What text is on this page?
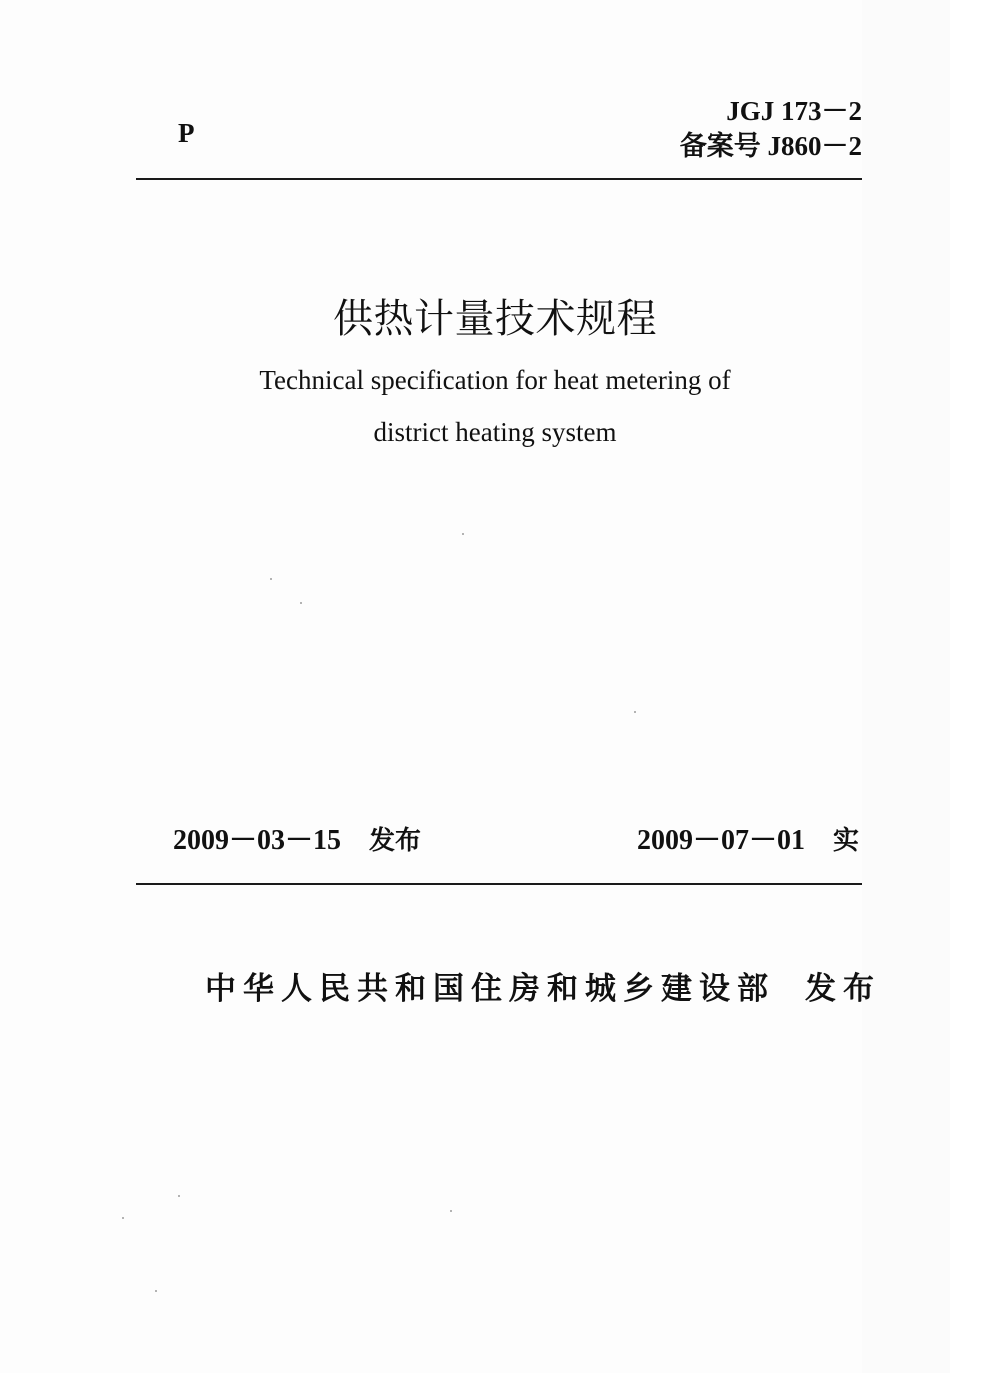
P
JGJ 173－2
备案号 J860－2
供热计量技术规程
Technical specification for heat metering of
district heating system
2009－03－15 发布	2009－07－01 实
中华人民共和国住房和城乡建设部 发布
